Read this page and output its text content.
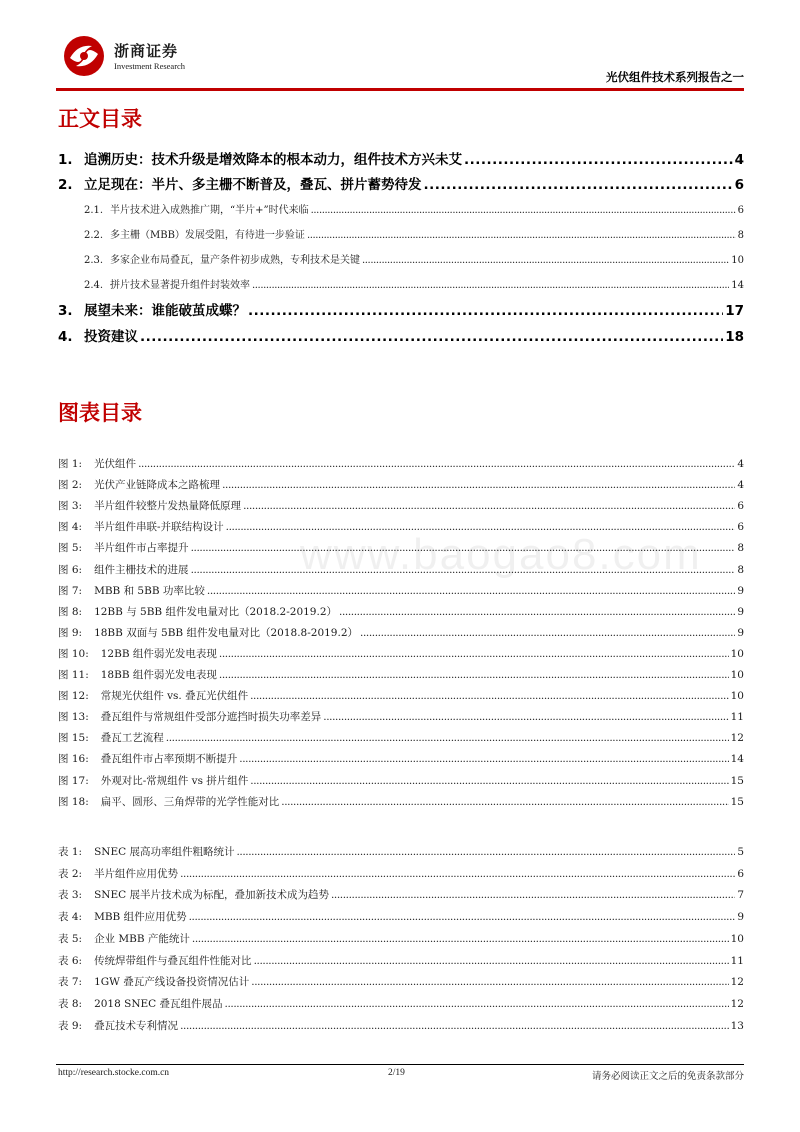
浙商证券
Investment Research
光伏组件技术系列报告之一
www.baogao8.com
正文目录
1. 追溯历史：技术升级是增效降本的根本动力，组件技术方兴未艾 .....	4
2. 立足现在：半片、多主栅不断普及，叠瓦、拼片蓄势待发 .....	6
2.1. 半片技术进入成熟推广期，“半片+”时代来临 .....	6
2.2. 多主栅（MBB）发展受阻，有待进一步验证 .....	8
2.3. 多家企业布局叠瓦，量产条件初步成熟，专利技术是关键 .....	10
2.4. 拼片技术显著提升组件封装效率 .....	14
3. 展望未来：谁能破茧成蝶？ .....	17
4. 投资建议 .....	18
图表目录
图 1: 光伏组件 .....	4
图 2: 光伏产业链降成本之路梳理 .....	4
图 3: 半片组件较整片发热量降低原理 .....	6
图 4: 半片组件串联-并联结构设计 .....	6
图 5: 半片组件市占率提升 .....	8
图 6: 组件主栅技术的进展 .....	8
图 7: MBB 和 5BB 功率比较 .....	9
图 8: 12BB 与 5BB 组件发电量对比（2018.2-2019.2） .....	9
图 9: 18BB 双面与 5BB 组件发电量对比（2018.8-2019.2） .....	9
图 10: 12BB 组件弱光发电表现 .....	10
图 11: 18BB 组件弱光发电表现 .....	10
图 12: 常规光伏组件 vs. 叠瓦光伏组件 .....	10
图 13: 叠瓦组件与常规组件受部分遮挡时损失功率差异 .....	11
图 15: 叠瓦工艺流程 .....	12
图 16: 叠瓦组件市占率预期不断提升 .....	14
图 17: 外观对比-常规组件 vs 拼片组件 .....	15
图 18: 扁平、圆形、三角焊带的光学性能对比 .....	15
表 1: SNEC 展高功率组件粗略统计 .....	5
表 2: 半片组件应用优势 .....	6
表 3: SNEC 展半片技术成为标配，叠加新技术成为趋势 .....	7
表 4: MBB 组件应用优势 .....	9
表 5: 企业 MBB 产能统计 .....	10
表 6: 传统焊带组件与叠瓦组件性能对比 .....	11
表 7: 1GW 叠瓦产线设备投资情况估计 .....	12
表 8: 2018 SNEC 叠瓦组件展品 .....	12
表 9: 叠瓦技术专利情况 .....	13
http://research.stocke.com.cn	2/19	请务必阅读正文之后的免责条款部分
